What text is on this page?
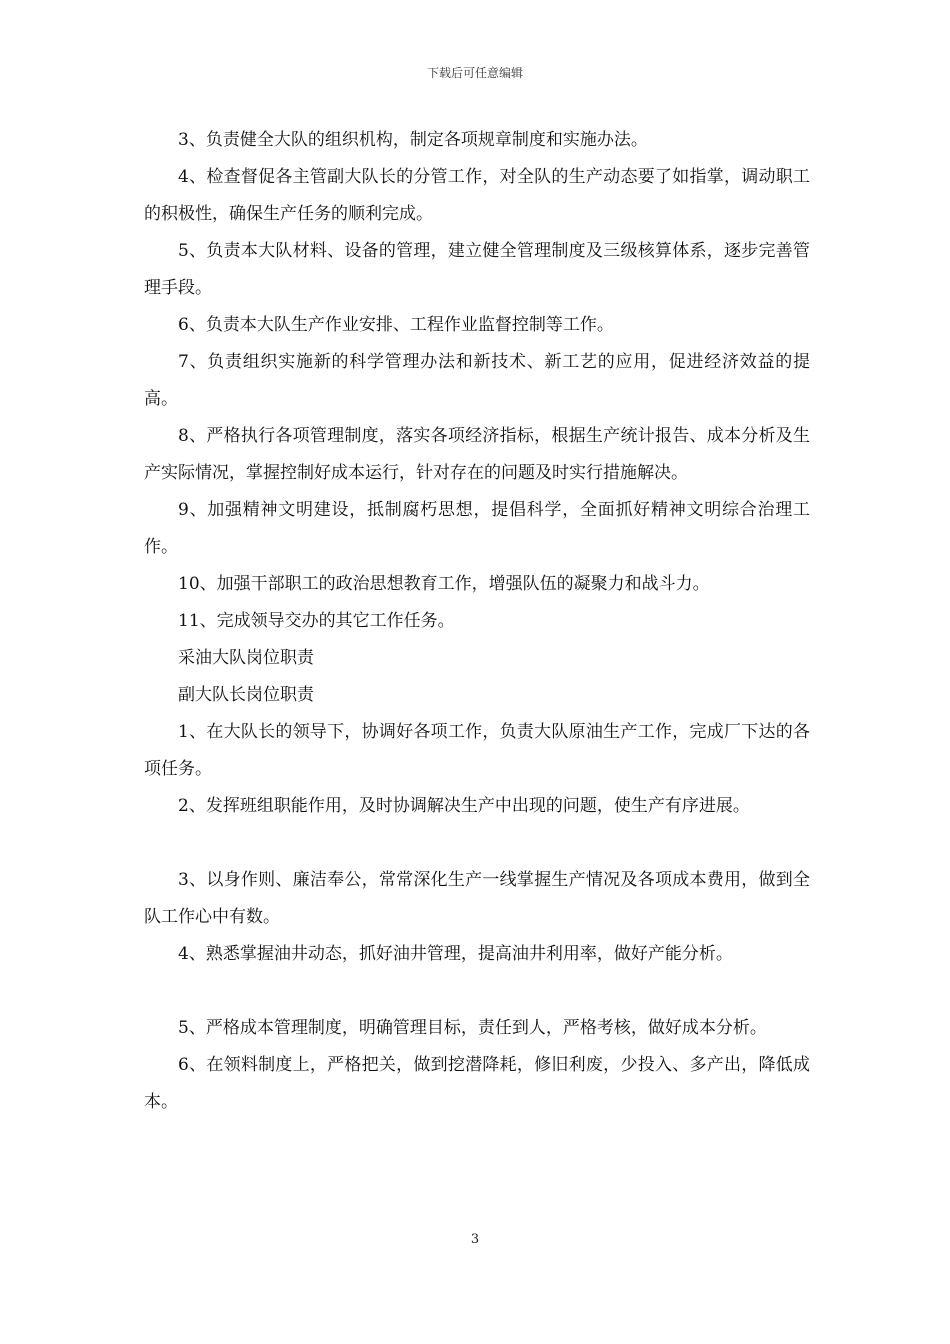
下载后可任意编辑

3、负责健全大队的组织机构，制定各项规章制度和实施办法。

4、检查督促各主管副大队长的分管工作，对全队的生产动态要了如指掌，调动职工的积极性，确保生产任务的顺利完成。

5、负责本大队材料、设备的管理，建立健全管理制度及三级核算体系，逐步完善管理手段。

6、负责本大队生产作业安排、工程作业监督控制等工作。

7、负责组织实施新的科学管理办法和新技术、新工艺的应用，促进经济效益的提高。

8、严格执行各项管理制度，落实各项经济指标，根据生产统计报告、成本分析及生产实际情况，掌握控制好成本运行，针对存在的问题及时实行措施解决。

9、加强精神文明建设，抵制腐朽思想，提倡科学，全面抓好精神文明综合治理工作。

10、加强干部职工的政治思想教育工作，增强队伍的凝聚力和战斗力。

11、完成领导交办的其它工作任务。

采油大队岗位职责

副大队长岗位职责

1、在大队长的领导下，协调好各项工作，负责大队原油生产工作，完成厂下达的各项任务。

2、发挥班组职能作用，及时协调解决生产中出现的问题，使生产有序进展。

3、以身作则、廉洁奉公，常常深化生产一线掌握生产情况及各项成本费用，做到全队工作心中有数。

4、熟悉掌握油井动态，抓好油井管理，提高油井利用率，做好产能分析。

5、严格成本管理制度，明确管理目标，责任到人，严格考核，做好成本分析。

6、在领料制度上，严格把关，做到挖潜降耗，修旧利废，少投入、多产出，降低成本。

3
